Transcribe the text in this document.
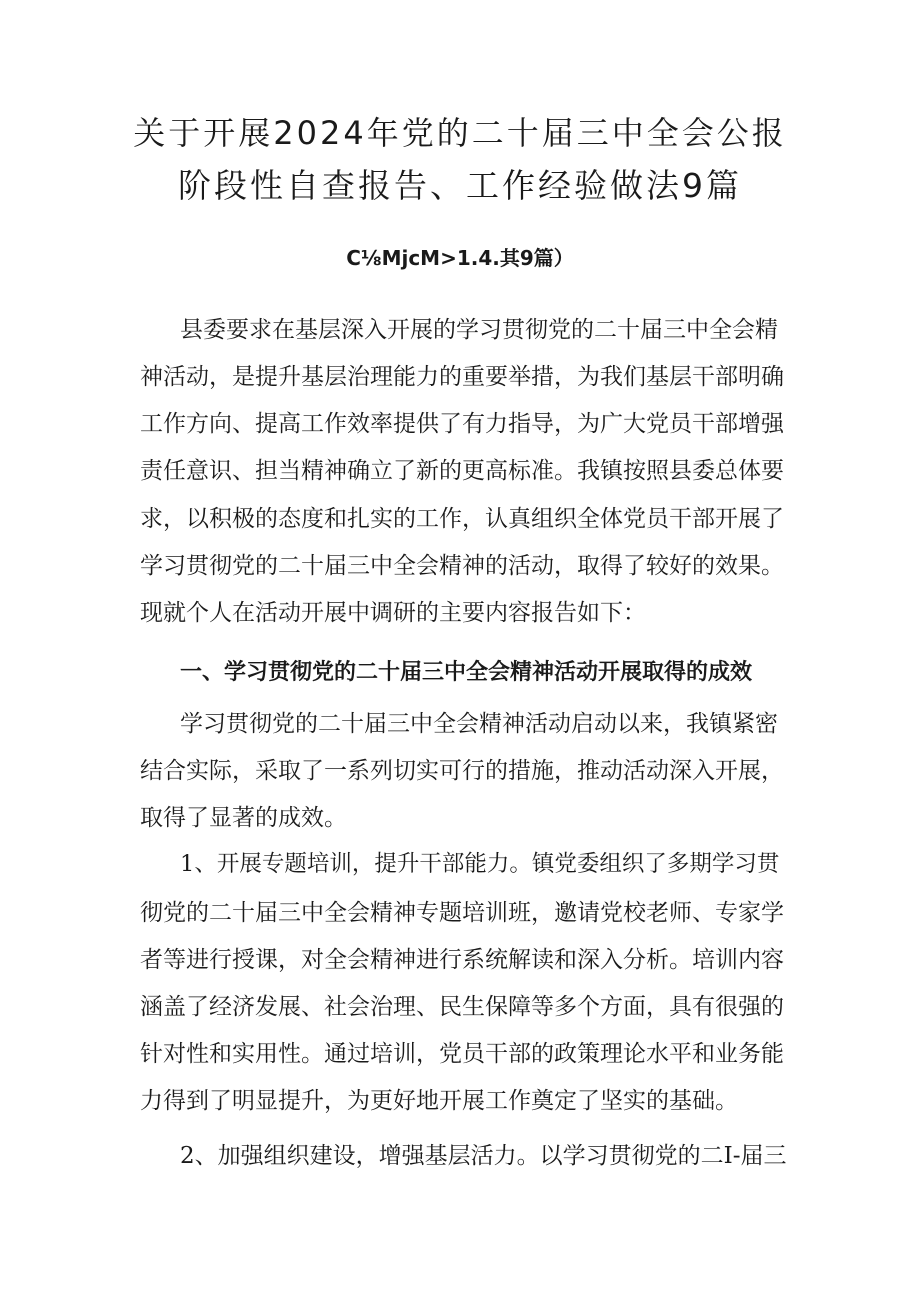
关于开展2024年党的二十届三中全会公报
阶段性自查报告、工作经验做法9篇
C⅛MjcM>1.4.其9篇）
县委要求在基层深入开展的学习贯彻党的二十届三中全会精
神活动，是提升基层治理能力的重要举措，为我们基层干部明确
工作方向、提高工作效率提供了有力指导，为广大党员干部增强
责任意识、担当精神确立了新的更高标准。我镇按照县委总体要
求，以积极的态度和扎实的工作，认真组织全体党员干部开展了
学习贯彻党的二十届三中全会精神的活动，取得了较好的效果。
现就个人在活动开展中调研的主要内容报告如下：
一、学习贯彻党的二十届三中全会精神活动开展取得的成效
学习贯彻党的二十届三中全会精神活动启动以来，我镇紧密
结合实际，采取了一系列切实可行的措施，推动活动深入开展，
取得了显著的成效。
1、开展专题培训，提升干部能力。镇党委组织了多期学习贯
彻党的二十届三中全会精神专题培训班，邀请党校老师、专家学
者等进行授课，对全会精神进行系统解读和深入分析。培训内容
涵盖了经济发展、社会治理、民生保障等多个方面，具有很强的
针对性和实用性。通过培训，党员干部的政策理论水平和业务能
力得到了明显提升，为更好地开展工作奠定了坚实的基础。
2、加强组织建设，增强基层活力。以学习贯彻党的二I-届三
